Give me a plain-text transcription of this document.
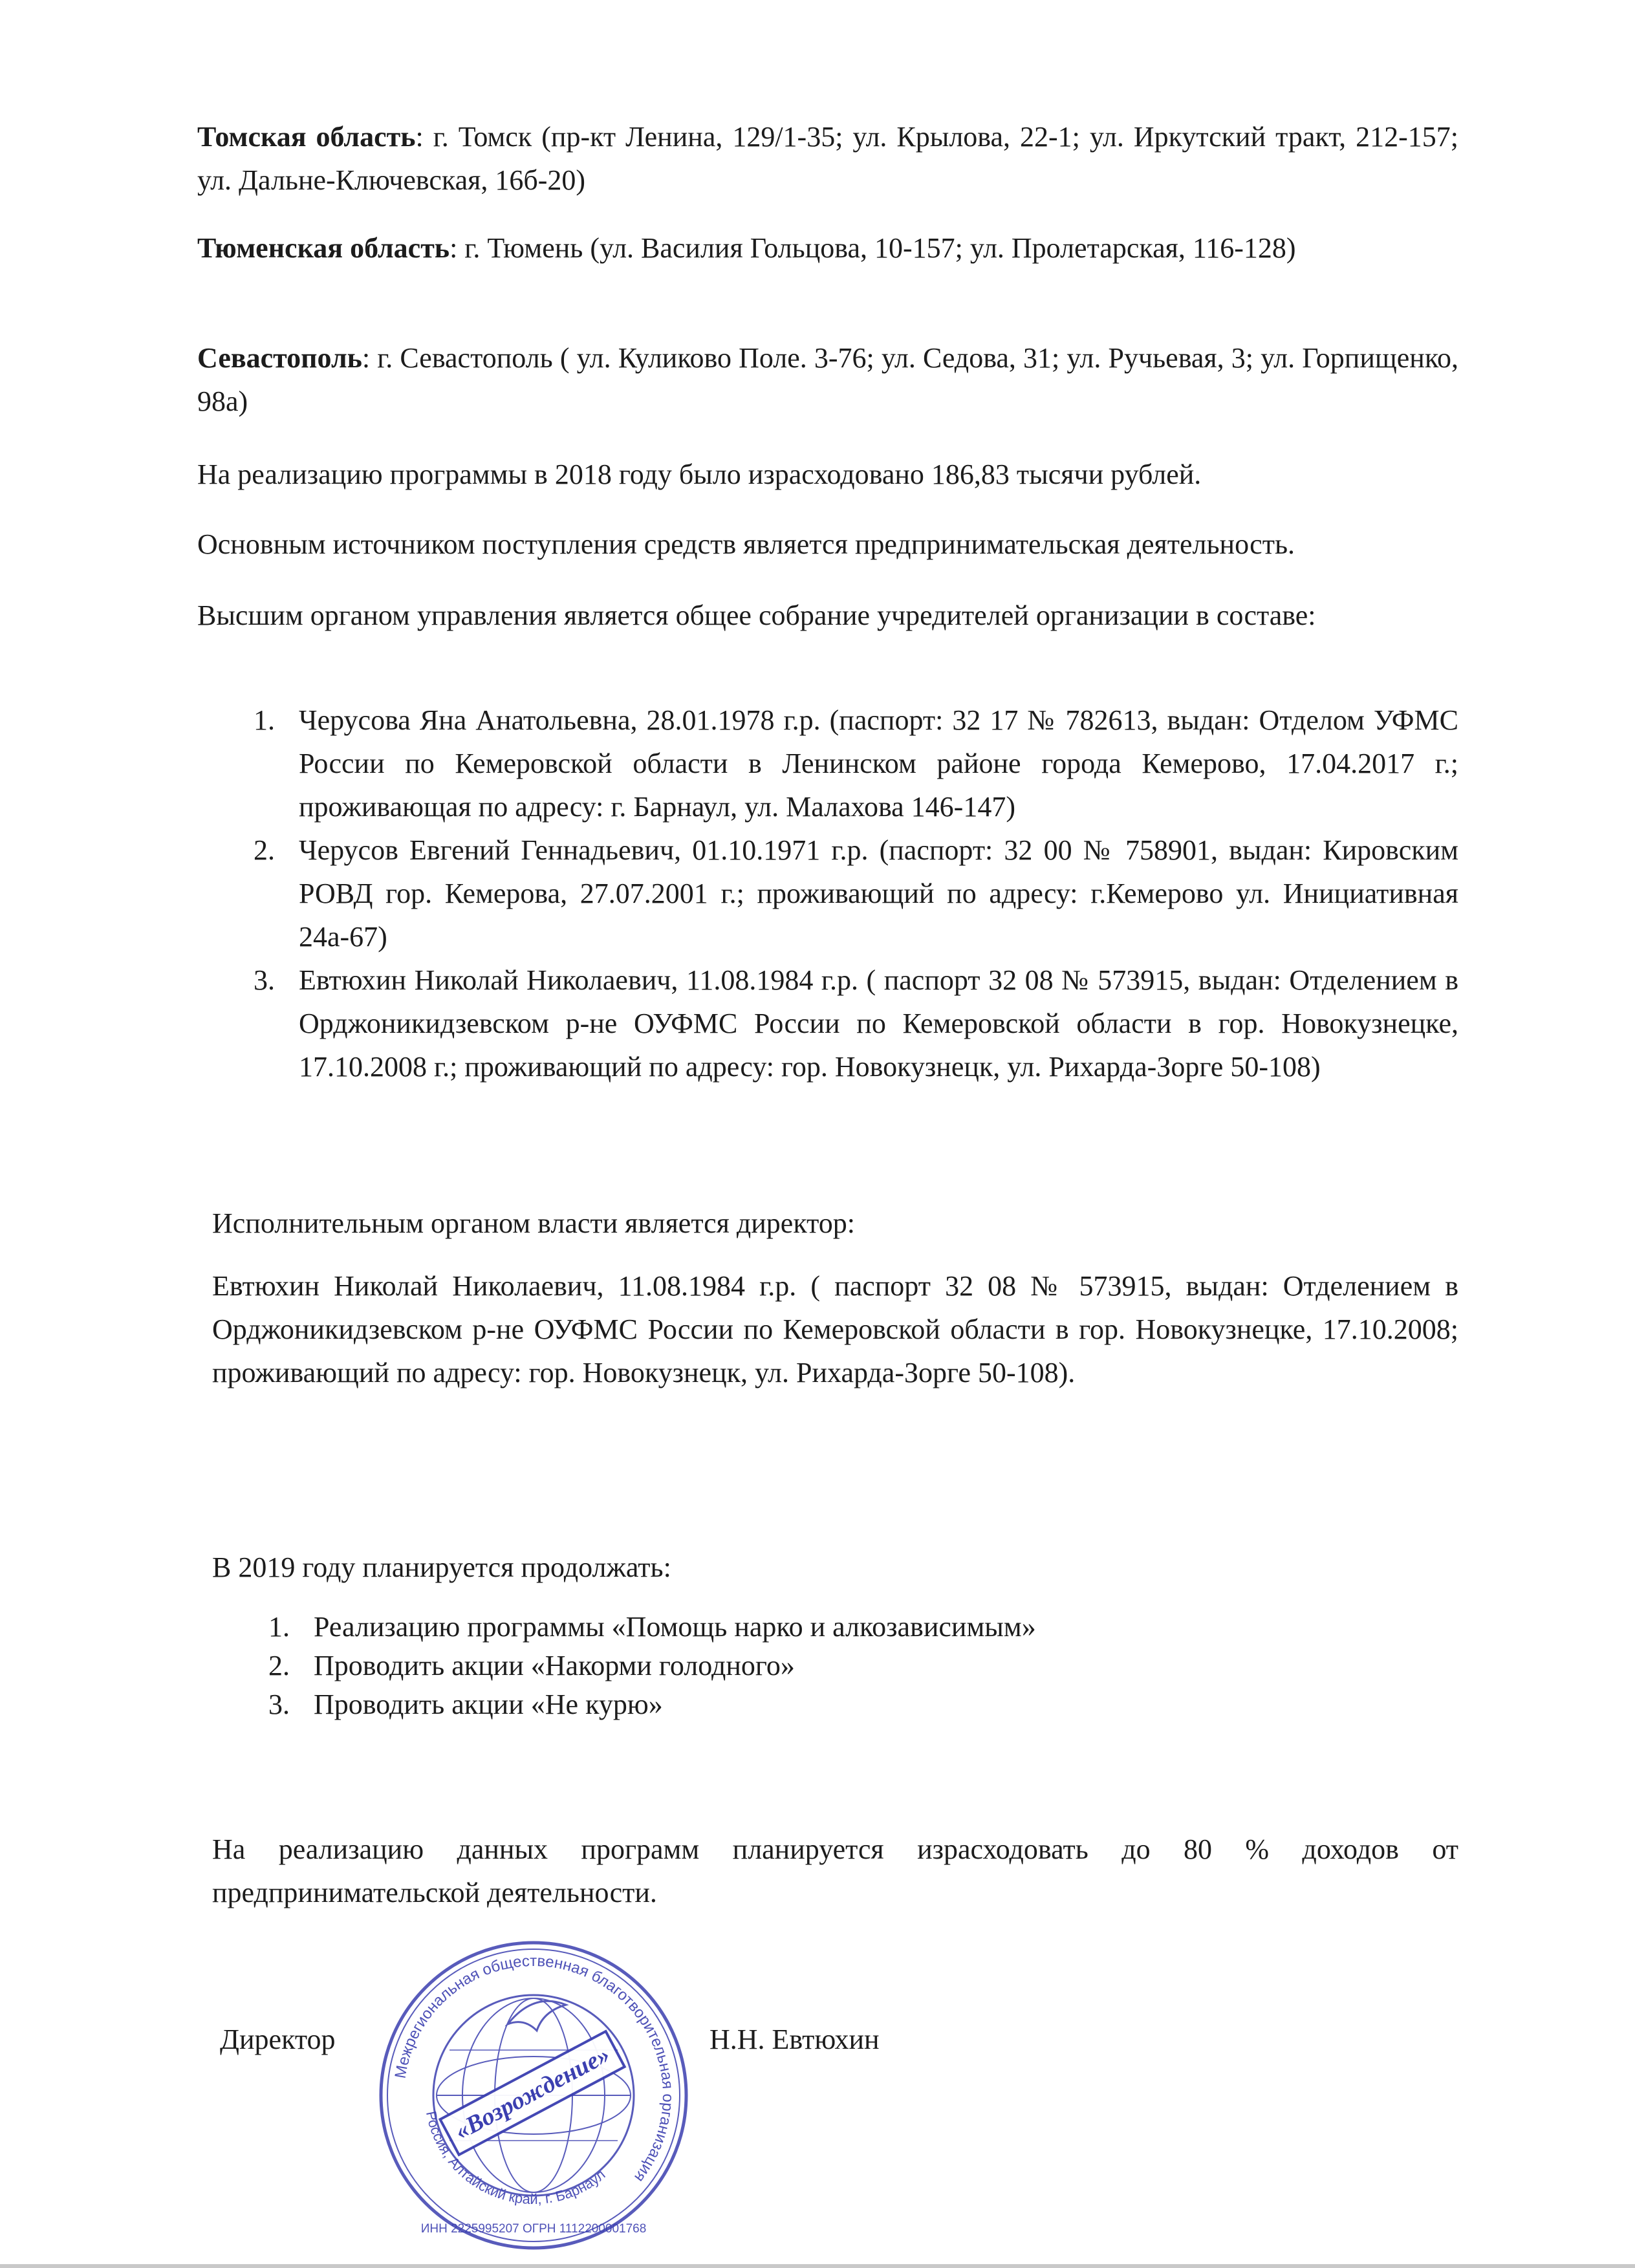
Томская область: г. Томск (пр-кт Ленина, 129/1-35; ул. Крылова, 22-1; ул. Иркутский тракт, 212-157; ул. Дальне-Ключевская, 16б-20)

Тюменская область: г. Тюмень (ул. Василия Гольцова, 10-157; ул. Пролетарская, 116-128)

Севастополь: г. Севастополь ( ул. Куликово Поле. 3-76; ул. Седова, 31; ул. Ручьевая, 3; ул. Горпищенко, 98а)

На реализацию программы в 2018 году было израсходовано 186,83 тысячи рублей.

Основным источником поступления средств является предпринимательская деятельность.

Высшим органом управления является общее собрание учредителей организации в составе:

1. Черусова Яна Анатольевна, 28.01.1978 г.р. (паспорт: 32 17 № 782613, выдан: Отделом УФМС России по Кемеровской области в Ленинском районе города Кемерово, 17.04.2017 г.; проживающая по адресу: г. Барнаул, ул. Малахова 146-147)
2. Черусов Евгений Геннадьевич, 01.10.1971 г.р. (паспорт: 32 00 № 758901, выдан: Кировским РОВД гор. Кемерова, 27.07.2001 г.; проживающий по адресу: г.Кемерово ул. Инициативная 24а-67)
3. Евтюхин Николай Николаевич, 11.08.1984 г.р. ( паспорт 32 08 № 573915, выдан: Отделением в Орджоникидзевском р-не ОУФМС России по Кемеровской области в гор. Новокузнецке, 17.10.2008 г.; проживающий по адресу: гор. Новокузнецк, ул. Рихарда-Зорге 50-108)

Исполнительным органом власти является директор:

Евтюхин Николай Николаевич, 11.08.1984 г.р. ( паспорт 32 08 № 573915, выдан: Отделением в Орджоникидзевском р-не ОУФМС России по Кемеровской области в гор. Новокузнецке, 17.10.2008; проживающий по адресу: гор. Новокузнецк, ул. Рихарда-Зорге 50-108).

В 2019 году планируется продолжать:

1. Реализацию программы «Помощь нарко и алкозависимым»
2. Проводить акции «Накорми голодного»
3. Проводить акции «Не курю»

На реализацию данных программ планируется израсходовать до 80 % доходов от предпринимательской деятельности.

Директор	Н.Н. Евтюхин
«Возрождение»
Межрегиональная общественная благотворительная организация
Россия, Алтайский край, г. Барнаул
ИНН 2225995207 ОГРН 1112200001768
